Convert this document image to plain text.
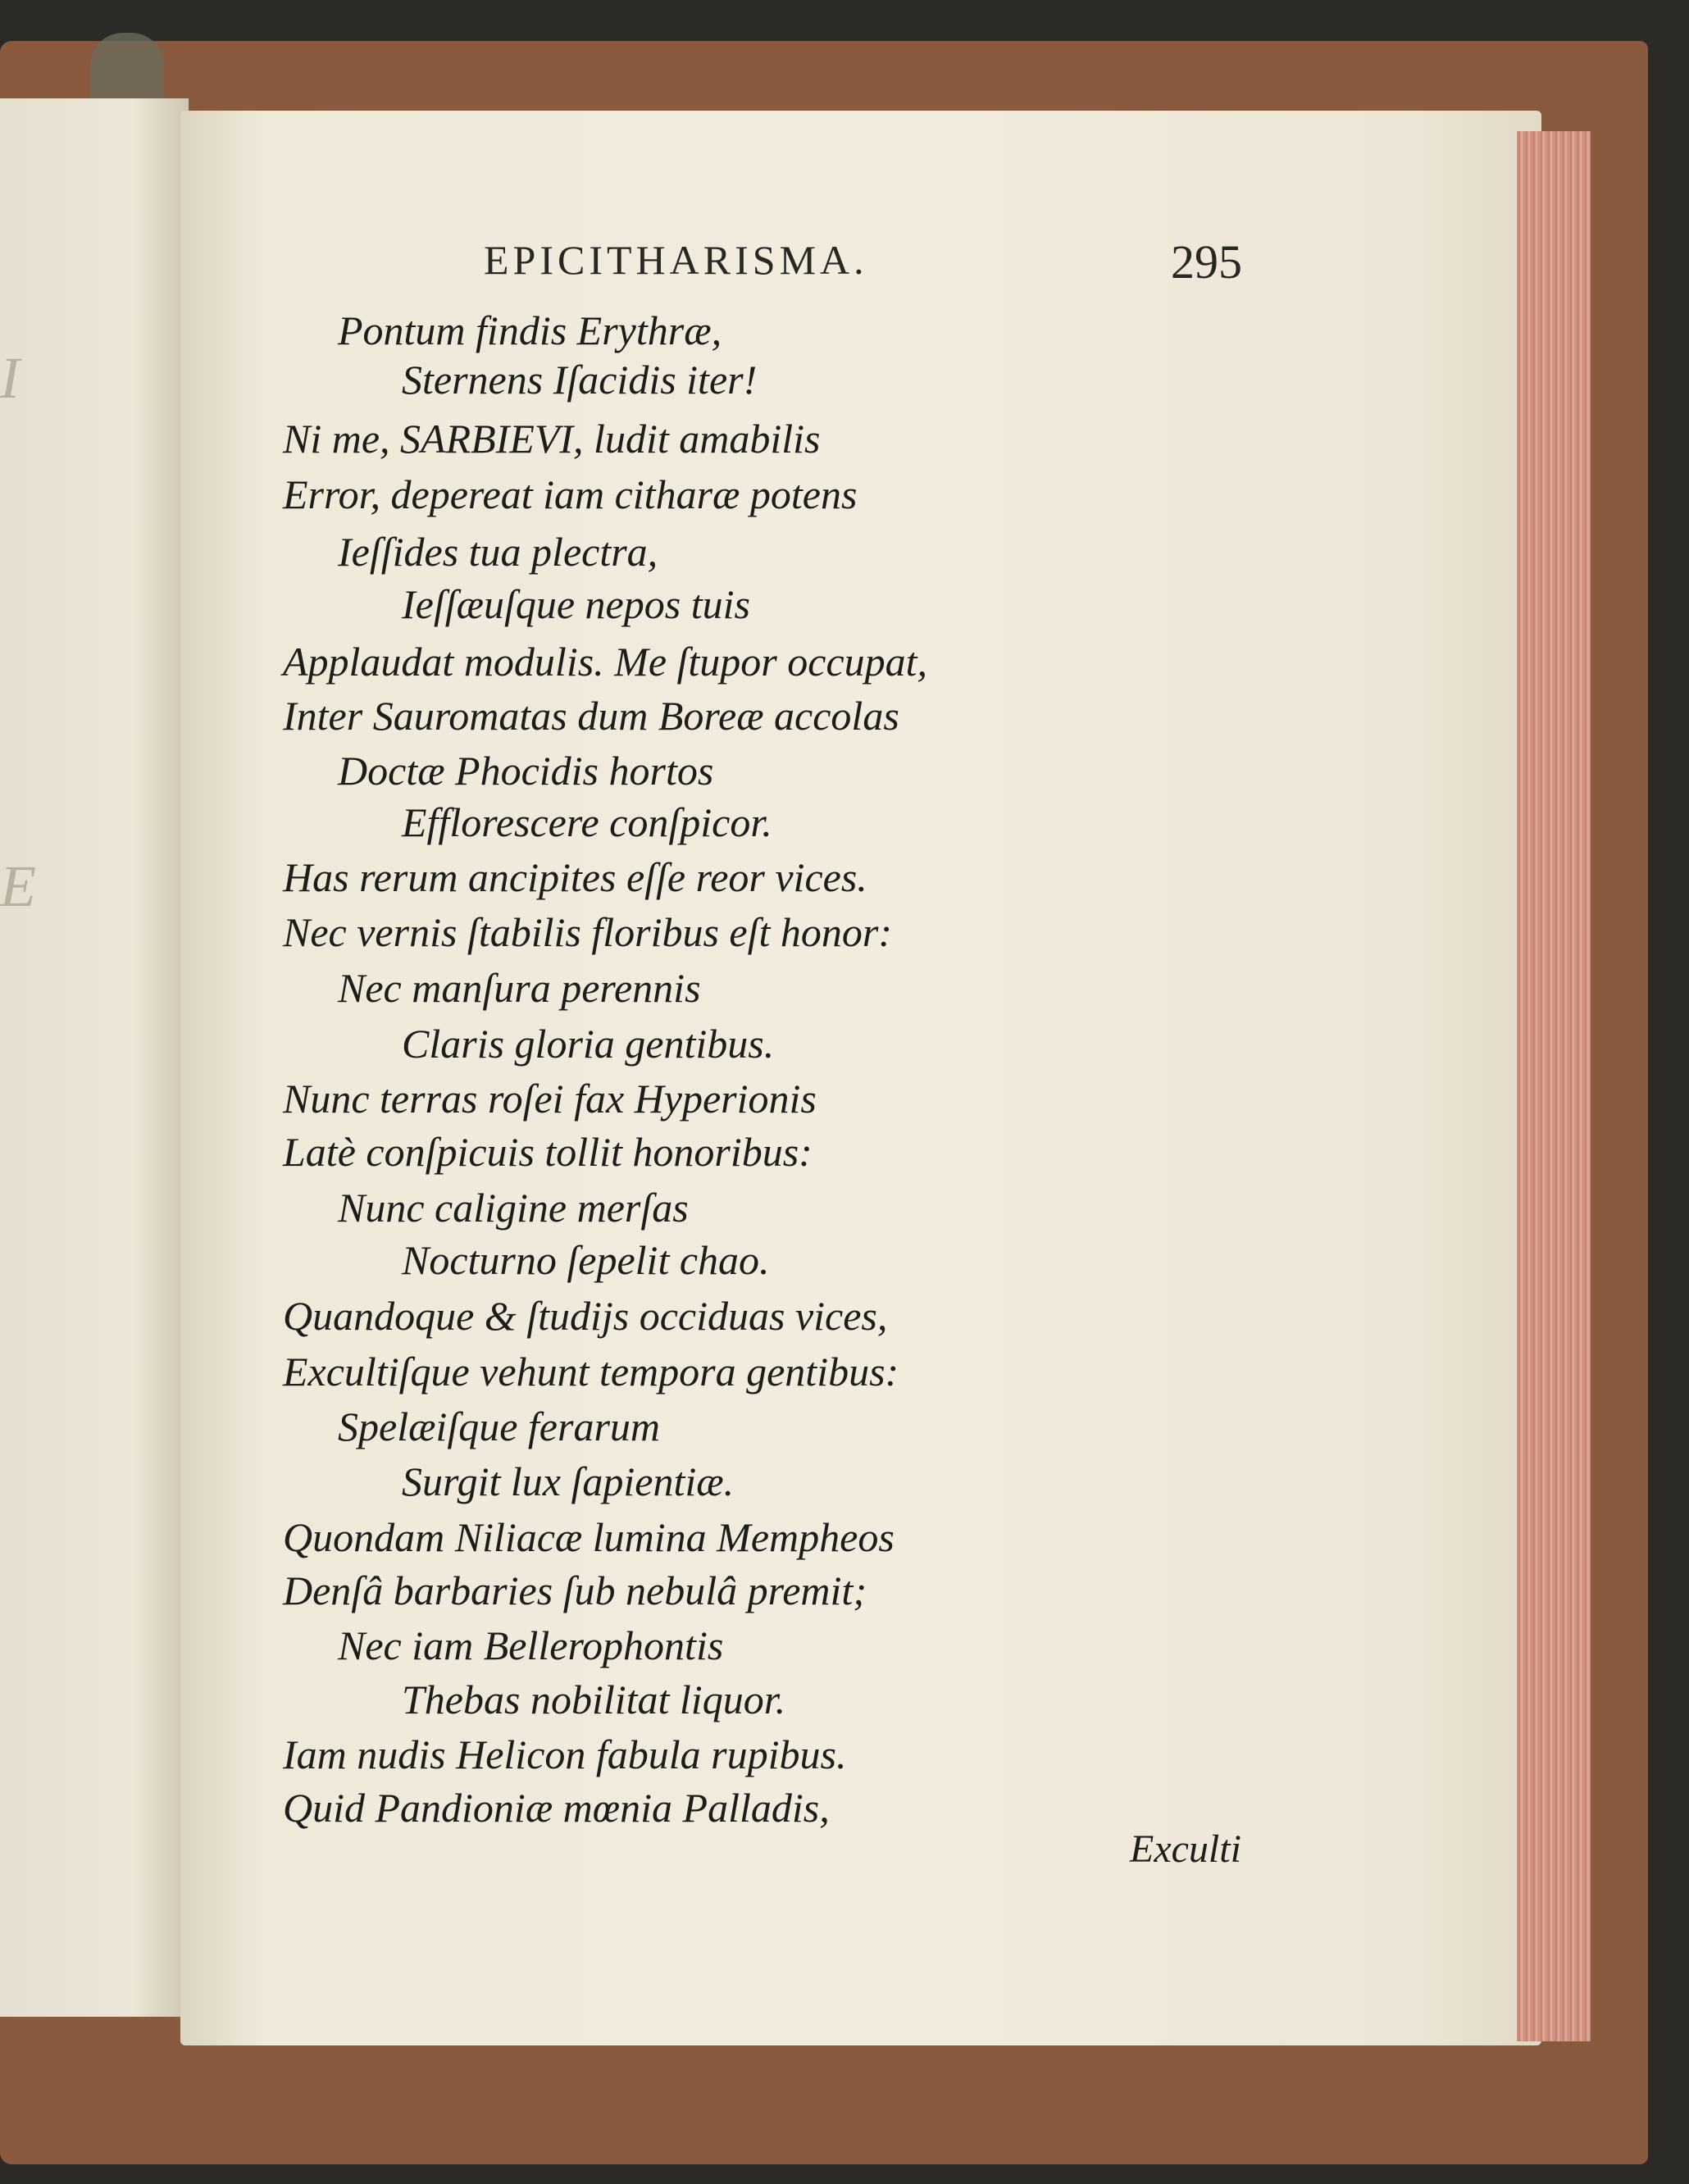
I
E
EPICITHARISMA.	295
Pontum findis Erythræ,
Sternens Iſacidis iter!
Ni me, SARBIEVI, ludit amabilis
Error, depereat iam citharæ potens
Ieſſides tua plectra,
Ieſſæuſque nepos tuis
Applaudat modulis. Me ſtupor occupat,
Inter Sauromatas dum Boreæ accolas
Doctæ Phocidis hortos
Efflorescere conſpicor.
Has rerum ancipites eſſe reor vices.
Nec vernis ſtabilis floribus eſt honor:
Nec manſura perennis
Claris gloria gentibus.
Nunc terras roſei fax Hyperionis
Latè conſpicuis tollit honoribus:
Nunc caligine merſas
Nocturno ſepelit chao.
Quandoque & ſtudijs occiduas vices,
Excultiſque vehunt tempora gentibus:
Spelæiſque ferarum
Surgit lux ſapientiæ.
Quondam Niliacæ lumina Mempheos
Denſâ barbaries ſub nebulâ premit;
Nec iam Bellerophontis
Thebas nobilitat liquor.
Iam nudis Helicon fabula rupibus.
Quid Pandioniæ mœnia Palladis,
Exculti
